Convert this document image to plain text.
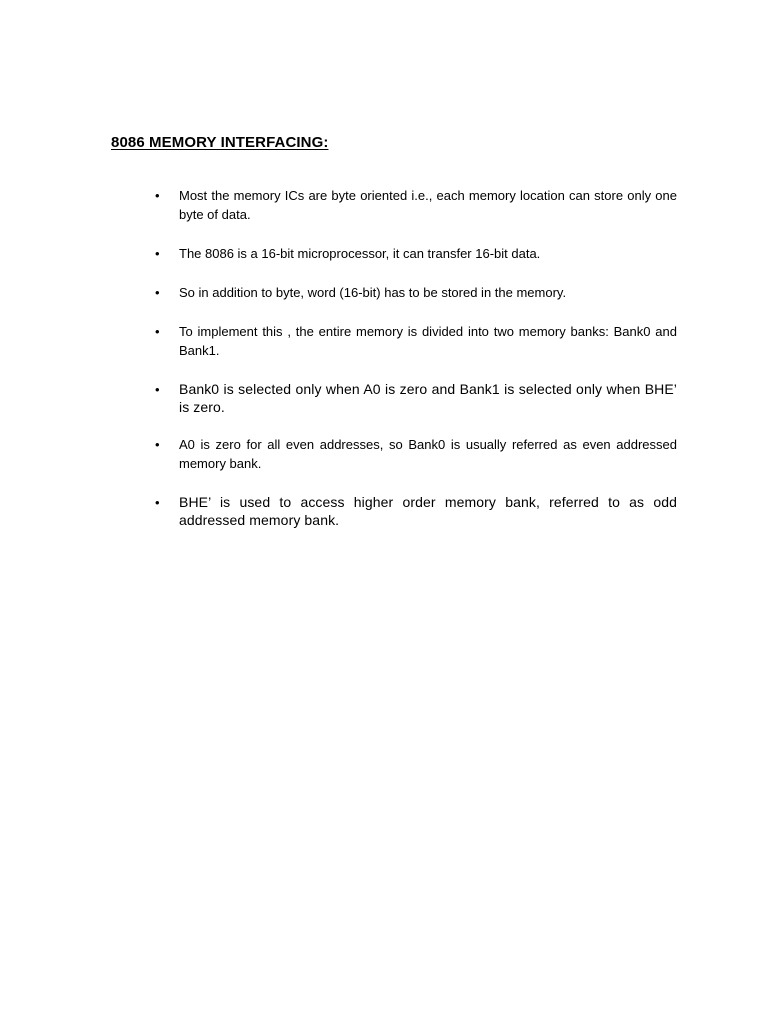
8086 MEMORY INTERFACING:
• Most the memory ICs are byte oriented i.e., each memory location can store only one byte of data.
• The 8086 is a 16-bit microprocessor, it can transfer 16-bit data.
• So in addition to byte, word (16-bit) has to be stored in the memory.
• To implement this , the entire memory is divided into two memory banks: Bank0 and Bank1.
• Bank0 is selected only when A0 is zero and Bank1 is selected only when BHE’ is zero.
• A0 is zero for all even addresses, so Bank0 is usually referred as even addressed memory bank.
• BHE’ is used to access higher order memory bank, referred to as odd addressed memory bank.
